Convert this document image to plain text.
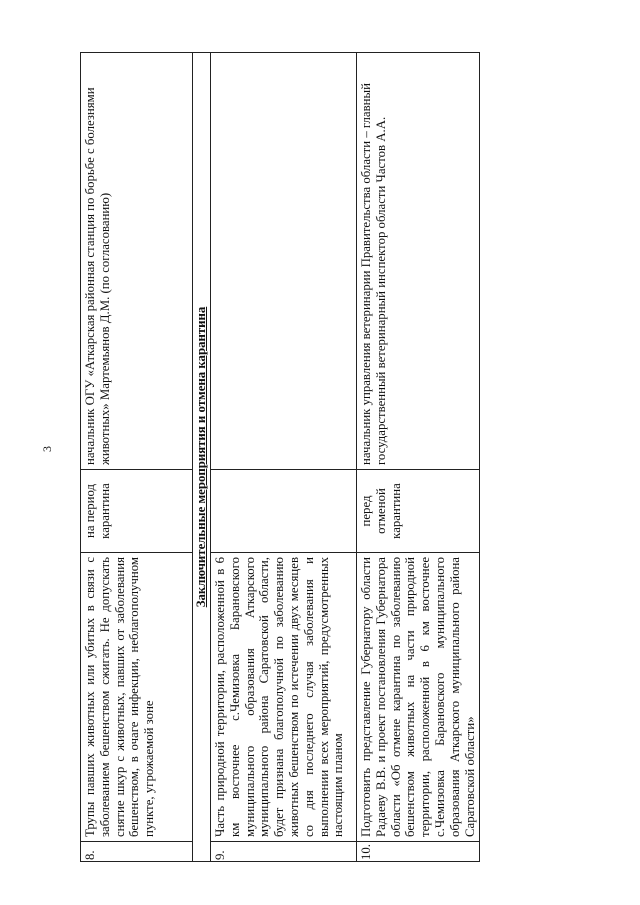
3
8.	Трупы павших животных или убитых в связи с заболеванием бешенством сжигать. Не допускать снятие шкур с животных, павших от заболевания бешенством, в очаге инфекции, неблагополучном пункте, угрожаемой зоне	на период карантина	начальник ОГУ «Аткарская районная станция по борьбе с болезнями животных» Мартемьянов Д.М. (по согласованию)
Заключительные мероприятия и отмена карантина			
9.	Часть природной территории, расположенной в 6 км восточнее с.Чемизовка Барановского муниципального образования Аткарского муниципального района Саратовской области, будет признана благополучной по заболеванию животных бешенством по истечении двух месяцев со дня последнего случая заболевания и выполнении всех мероприятий, предусмотренных настоящим планом		
10.	Подготовить представление Губернатору области Радаеву В.В. и проект постановления Губернатора области «Об отмене карантина по заболеванию бешенством животных на части природной территории, расположенной в 6 км восточнее с.Чемизовка Барановского муниципального образования Аткарского муниципального района Саратовской области»	перед отменой карантина	начальник управления ветеринарии Правительства области – главный государственный ветеринарный инспектор области Частов А.А.
